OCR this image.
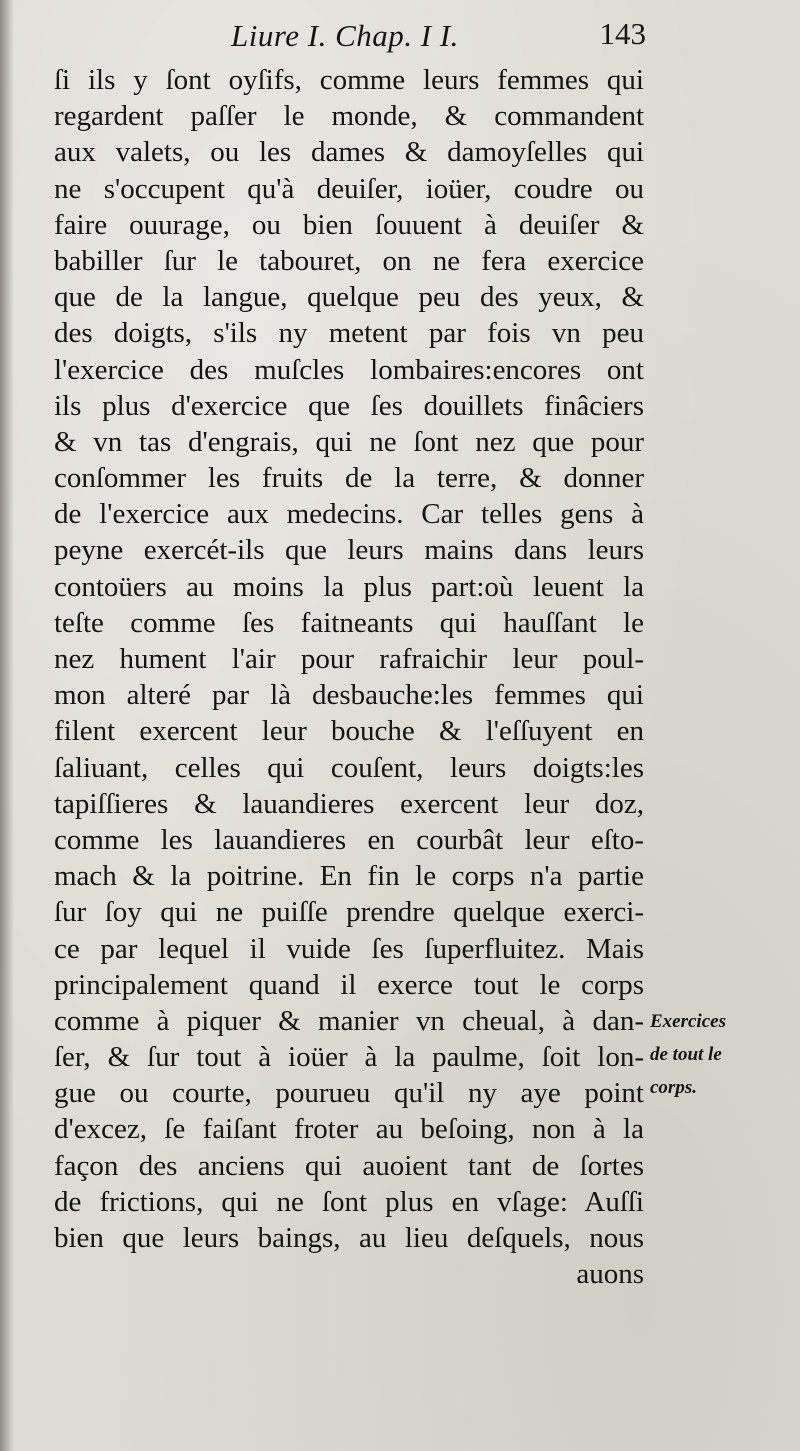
Liure I. Chap. I I.	143
ſi ils y ſont oyſifs, comme leurs femmes qui
regardent paſſer le monde, & commandent
aux valets, ou les dames & damoyſelles qui
ne s'occupent qu'à deuiſer, ioüer, coudre ou
faire ouurage, ou bien ſouuent à deuiſer &
babiller ſur le tabouret, on ne fera exercice
que de la langue, quelque peu des yeux, &
des doigts, s'ils ny metent par fois vn peu
l'exercice des muſcles lombaires:encores ont
ils plus d'exercice que ſes douillets finâciers
& vn tas d'engrais, qui ne ſont nez que pour
conſommer les fruits de la terre, & donner
de l'exercice aux medecins. Car telles gens à
peyne exercét-ils que leurs mains dans leurs
contoüers au moins la plus part:où leuent la
teſte comme ſes faitneants qui hauſſant le
nez hument l'air pour rafraichir leur poul-
mon alteré par là desbauche:les femmes qui
filent exercent leur bouche & l'eſſuyent en
ſaliuant, celles qui couſent, leurs doigts:les
tapiſſieres & lauandieres exercent leur doz,
comme les lauandieres en courbât leur eſto-
mach & la poitrine. En fin le corps n'a partie
ſur ſoy qui ne puiſſe prendre quelque exerci-
ce par lequel il vuide ſes ſuperfluitez. Mais
principalement quand il exerce tout le corps
comme à piquer & manier vn cheual, à dan-
ſer, & ſur tout à ioüer à la paulme, ſoit lon-
gue ou courte, pourueu qu'il ny aye point
d'excez, ſe faiſant froter au beſoing, non à la
façon des anciens qui auoient tant de ſortes
de frictions, qui ne ſont plus en vſage: Auſſi
bien que leurs baings, au lieu deſquels, nous
auons
Exercices
de tout le
corps.
